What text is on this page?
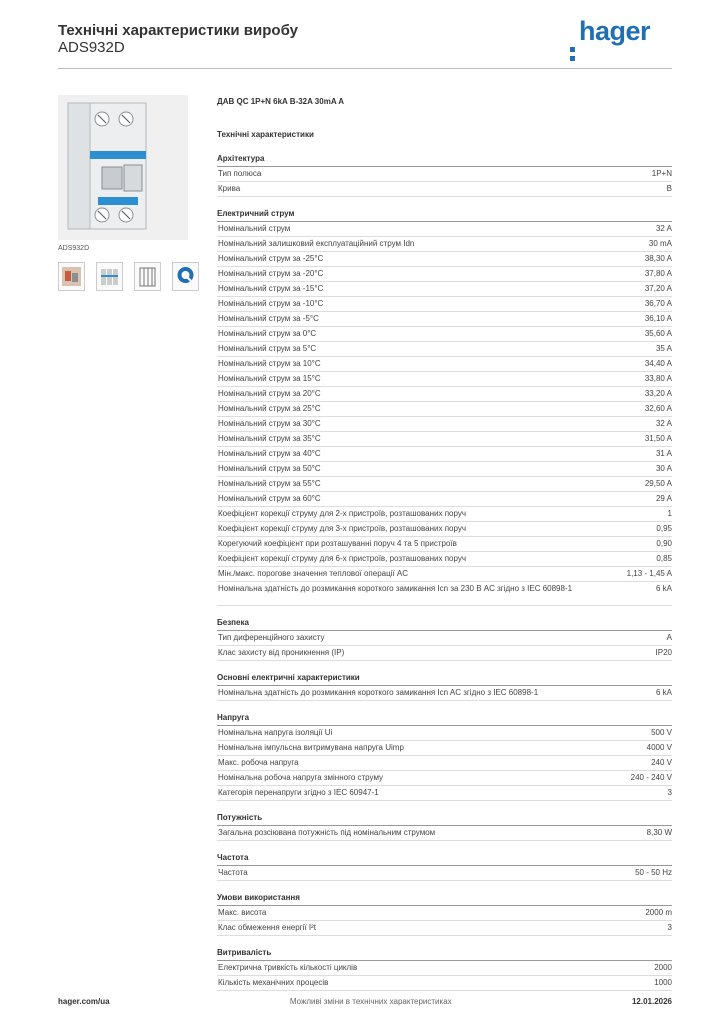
Технічні характеристики виробу
ADS932D
hager
ADS932D
ДАВ QC 1P+N 6kA B-32A 30mA A
Технічні характеристики
Архітектура
Тип полюса	1P+N
Крива	B
Електричний струм
Номінальний струм	32 A
Номінальний залишковий експлуатаційний струм Idn	30 mA
Номінальний струм за -25°C	38,30 A
Номінальний струм за -20°C	37,80 A
Номінальний струм за -15°C	37,20 A
Номінальний струм за -10°C	36,70 A
Номінальний струм за -5°C	36,10 A
Номінальний струм за 0°C	35,60 A
Номінальний струм за 5°C	35 A
Номінальний струм за 10°C	34,40 A
Номінальний струм за 15°C	33,80 A
Номінальний струм за 20°C	33,20 A
Номінальний струм за 25°C	32,60 A
Номінальний струм за 30°C	32 A
Номінальний струм за 35°C	31,50 A
Номінальний струм за 40°C	31 A
Номінальний струм за 50°C	30 A
Номінальний струм за 55°C	29,50 A
Номінальний струм за 60°C	29 A
Коефіцієнт корекції струму для 2-х пристроїв, розташованих поруч	1
Коефіцієнт корекції струму для 3-х пристроїв, розташованих поруч	0,95
Корегуючий коефіцієнт при розташуванні поруч 4 та 5 пристроїв	0,90
Коефіцієнт корекції струму для 6-х пристроїв, розташованих поруч	0,85
Мін./макс. порогове значення теплової операції AC	1,13 - 1,45 A
Номінальна здатність до розмикання короткого замикання Icn за 230 В AC згідно з IEC 60898-1	6 kA
Безпека
Тип диференційного захисту	A
Клас захисту від проникнення (IP)	IP20
Основні електричні характеристики
Номінальна здатність до розмикання короткого замикання Icn AC згідно з IEC 60898-1	6 kA
Напруга
Номінальна напруга ізоляції Ui	500 V
Номінальна імпульсна витримувана напруга Uimp	4000 V
Макс. робоча напруга	240 V
Номінальна робоча напруга змінного струму	240 - 240 V
Категорія перенапруги згідно з IEC 60947-1	3
Потужність
Загальна розсіювана потужність під номінальним струмом	8,30 W
Частота
Частота	50 - 50 Hz
Умови використання
Макс. висота	2000 m
Клас обмеження енергії I²t	3
Витривалість
Електрична тривкість кількості циклів	2000
Кількість механічних процесів	1000
hager.com/ua	Можливі зміни в технічних характеристиках	12.01.2026
